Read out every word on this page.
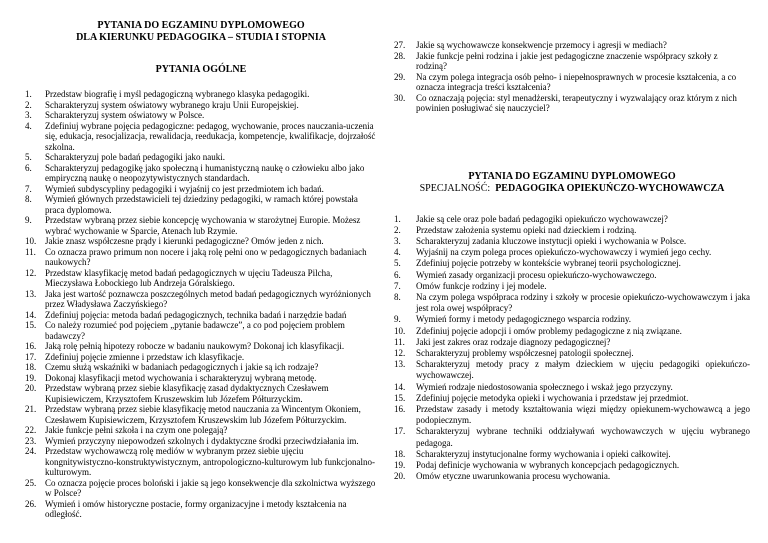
PYTANIA DO EGZAMINU DYPLOMOWEGO
DLA KIERUNKU PEDAGOGIKA – STUDIA I STOPNIA
PYTANIA OGÓLNE
1.	Przedstaw biografię i myśl pedagogiczną wybranego klasyka pedagogiki.
2.	Scharakteryzuj system oświatowy wybranego kraju Unii Europejskiej.
3.	Scharakteryzuj system oświatowy w Polsce.
4.	Zdefiniuj wybrane pojęcia pedagogiczne: pedagog, wychowanie, proces nauczania-uczenia się, edukacja, resocjalizacja, rewalidacja, reedukacja, kompetencje, kwalifikacje, dojrzałość szkolna.
5.	Scharakteryzuj pole badań pedagogiki jako nauki.
6.	Scharakteryzuj pedagogikę jako społeczną i humanistyczną naukę o człowieku albo jako empiryczną naukę o neopozytywistycznych standardach.
7.	Wymień subdyscypliny pedagogiki i wyjaśnij co jest przedmiotem ich badań.
8.	Wymień głównych przedstawicieli tej dziedziny pedagogiki, w ramach której powstała praca dyplomowa.
9.	Przedstaw wybraną przez siebie koncepcję wychowania w starożytnej Europie. Możesz wybrać wychowanie w Sparcie, Atenach lub Rzymie.
10. Jakie znasz współczesne prądy i kierunki pedagogiczne? Omów jeden z nich.
11.	Co oznacza prawo primum non nocere i jaką rolę pełni ono w pedagogicznych badaniach naukowych?
12. Przedstaw klasyfikację metod badań pedagogicznych w ujęciu Tadeusza Pilcha, Mieczysława Łobockiego lub Andrzeja Góralskiego.
13. Jaka jest wartość poznawcza poszczególnych metod badań pedagogicznych wyróżnionych przez Władysława Zaczyńskiego?
14. Zdefiniuj pojęcia: metoda badań pedagogicznych, technika badań i narzędzie badań
15. Co należy rozumieć pod pojęciem „pytanie badawcze”, a co pod pojęciem problem badawczy?
16. Jaką rolę pełnią hipotezy robocze w badaniu naukowym? Dokonaj ich klasyfikacji.
17. Zdefiniuj pojęcie zmienne i przedstaw ich klasyfikacje.
18. Czemu służą wskaźniki w badaniach pedagogicznych i jakie są ich rodzaje?
19. Dokonaj klasyfikacji metod wychowania i scharakteryzuj wybraną metodę.
20. Przedstaw wybraną przez siebie klasyfikację zasad dydaktycznych Czesławem Kupisiewiczem, Krzysztofem Kruszewskim lub Józefem Półturzyckim.
21. Przedstaw wybraną przez siebie klasyfikację metod nauczania za Wincentym Okoniem, Czesławem Kupisiewiczem, Krzysztofem Kruszewskim lub Józefem Półturzyckim.
22. Jakie funkcje pełni szkoła i na czym one polegają?
23. Wymień przyczyny niepowodzeń szkolnych i dydaktyczne środki przeciwdziałania im.
24. Przedstaw wychowawczą rolę mediów w wybranym przez siebie ujęciu kongnitywistyczno-konstruktywistycznym, antropologiczno-kulturowym lub funkcjonalno-kulturowym.
25. Co oznacza pojęcie proces boloński i jakie są jego konsekwencje dla szkolnictwa wyższego w Polsce?
26. Wymień i omów historyczne postacie, formy organizacyjne i metody kształcenia na odległość.
27.	Jakie są wychowawcze konsekwencje przemocy i agresji w mediach?
28.	Jakie funkcje pełni rodzina i jakie jest pedagogiczne znaczenie współpracy szkoły z rodziną?
29.	Na czym polega integracja osób pełno- i niepełnosprawnych w procesie kształcenia, a co oznacza integracja treści kształcenia?
30.	Co oznaczają pojęcia: styl menadżerski, terapeutyczny i wyzwalający oraz którym z nich powinien posługiwać się nauczyciel?
PYTANIA DO EGZAMINU DYPLOMOWEGO
SPECJALNOŚĆ: PEDAGOGIKA OPIEKUŃCZO-WYCHOWAWCZA
1.	Jakie są cele oraz pole badań pedagogiki opiekuńczo wychowawczej?
2.	Przedstaw założenia systemu opieki nad dzieckiem i rodziną.
3.	Scharakteryzuj zadania kluczowe instytucji opieki i wychowania w Polsce.
4.	Wyjaśnij na czym polega proces opiekuńczo-wychowawczy i wymień jego cechy.
5.	Zdefiniuj pojęcie potrzeby w kontekście wybranej teorii psychologicznej.
6.	Wymień zasady organizacji procesu opiekuńczo-wychowawczego.
7.	Omów funkcje rodziny i jej modele.
8.	Na czym polega współpraca rodziny i szkoły w procesie opiekuńczo-wychowawczym i jaka jest rola owej współpracy?
9.	Wymień formy i metody pedagogicznego wsparcia rodziny.
10.	Zdefiniuj pojęcie adopcji i omów problemy pedagogiczne z nią związane.
11.	Jaki jest zakres oraz rodzaje diagnozy pedagogicznej?
12.	Scharakteryzuj problemy współczesnej patologii społecznej.
13.	Scharakteryzuj metody pracy z małym dzieckiem w ujęciu pedagogiki opiekuńczo-wychowawczej.
14.	Wymień rodzaje niedostosowania społecznego i wskaż jego przyczyny.
15.	Zdefiniuj pojęcie metodyka opieki i wychowania i przedstaw jej przedmiot.
16.	Przedstaw zasady i metody kształtowania więzi między opiekunem-wychowawcą a jego podopiecznym.
17.	Scharakteryzuj wybrane techniki oddziaływań wychowawczych w ujęciu wybranego pedagoga.
18.	Scharakteryzuj instytucjonalne formy wychowania i opieki całkowitej.
19.	Podaj definicje wychowania w wybranych koncepcjach pedagogicznych.
20.	Omów etyczne uwarunkowania procesu wychowania.
